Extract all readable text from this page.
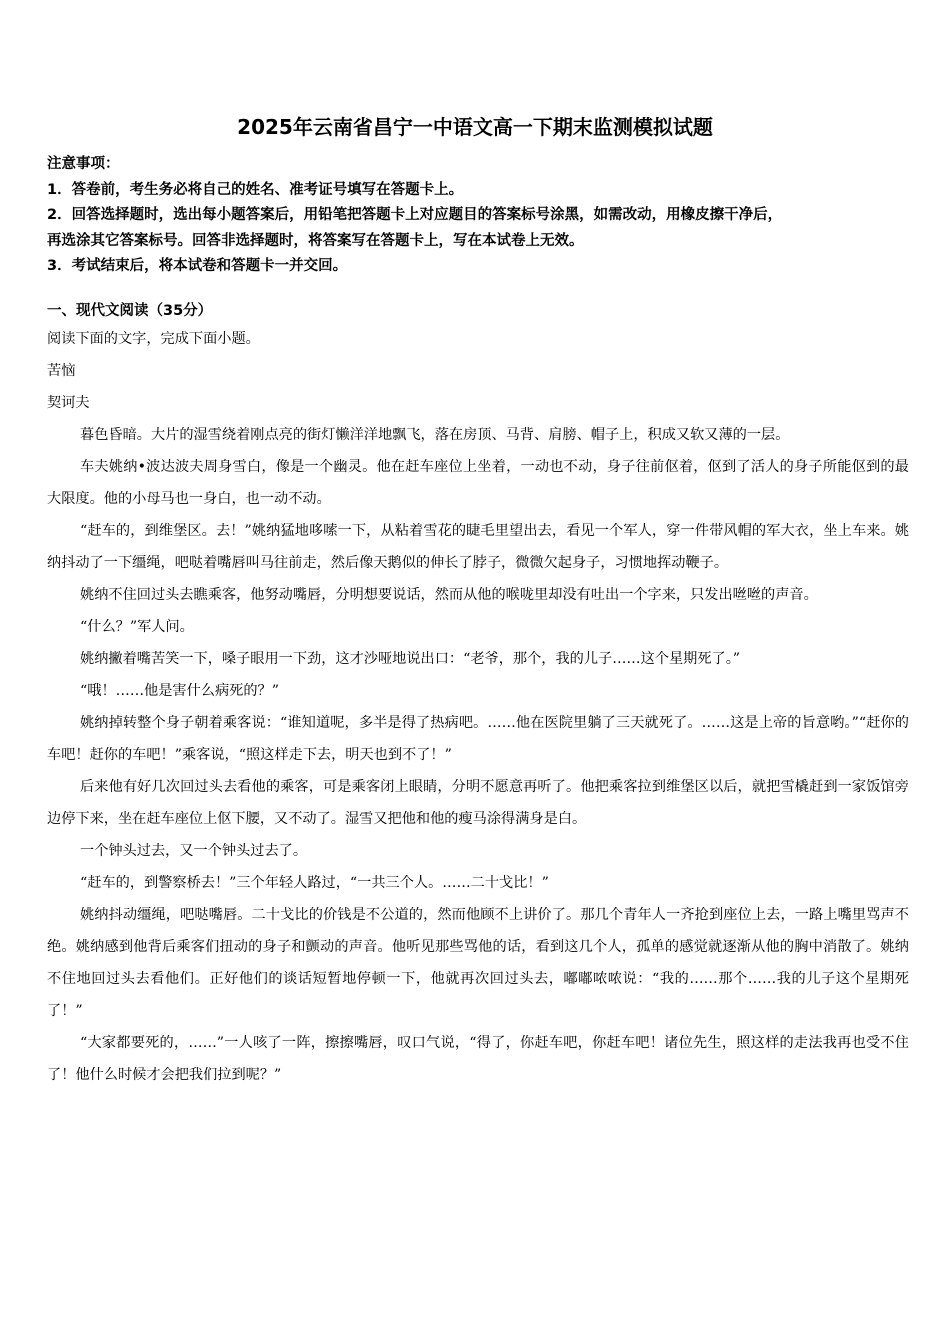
2025年云南省昌宁一中语文高一下期末监测模拟试题
注意事项：
1．答卷前，考生务必将自己的姓名、准考证号填写在答题卡上。
2．回答选择题时，选出每小题答案后，用铅笔把答题卡上对应题目的答案标号涂黑，如需改动，用橡皮擦干净后，
再选涂其它答案标号。回答非选择题时，将答案写在答题卡上，写在本试卷上无效。
3．考试结束后，将本试卷和答题卡一并交回。
一、现代文阅读（35分）

阅读下面的文字，完成下面小题。

苦恼

契诃夫

暮色昏暗。大片的湿雪绕着刚点亮的街灯懒洋洋地飘飞，落在房顶、马背、肩膀、帽子上，积成又软又薄的一层。

车夫姚纳•波达波夫周身雪白，像是一个幽灵。他在赶车座位上坐着，一动也不动，身子往前伛着，伛到了活人的身子所能伛到的最大限度。他的小母马也一身白，也一动不动。

“赶车的，到维堡区。去！”姚纳猛地哆嗦一下，从粘着雪花的睫毛里望出去，看见一个军人，穿一件带风帽的军大衣，坐上车来。姚纳抖动了一下缰绳，吧哒着嘴唇叫马往前走，然后像天鹅似的伸长了脖子，微微欠起身子，习惯地挥动鞭子。

姚纳不住回过头去瞧乘客，他努动嘴唇，分明想要说话，然而从他的喉咙里却没有吐出一个字来，只发出咝咝的声音。

“什么？”军人问。

姚纳撇着嘴苦笑一下，嗓子眼用一下劲，这才沙哑地说出口：“老爷，那个，我的儿子……这个星期死了。”

“哦！……他是害什么病死的？”

姚纳掉转整个身子朝着乘客说：“谁知道呢，多半是得了热病吧。……他在医院里躺了三天就死了。……这是上帝的旨意哟。”“赶你的车吧！赶你的车吧！”乘客说，“照这样走下去，明天也到不了！”

后来他有好几次回过头去看他的乘客，可是乘客闭上眼睛，分明不愿意再听了。他把乘客拉到维堡区以后，就把雪橇赶到一家饭馆旁边停下来，坐在赶车座位上伛下腰，又不动了。湿雪又把他和他的瘦马涂得满身是白。

一个钟头过去，又一个钟头过去了。

“赶车的，到警察桥去！”三个年轻人路过，“一共三个人。……二十戈比！”

姚纳抖动缰绳，吧哒嘴唇。二十戈比的价钱是不公道的，然而他顾不上讲价了。那几个青年人一齐抢到座位上去，一路上嘴里骂声不绝。姚纳感到他背后乘客们扭动的身子和颤动的声音。他听见那些骂他的话，看到这几个人，孤单的感觉就逐渐从他的胸中消散了。姚纳不住地回过头去看他们。正好他们的谈话短暂地停顿一下，他就再次回过头去，嘟嘟哝哝说：“我的……那个……我的儿子这个星期死了！”

“大家都要死的，……”一人咳了一阵，擦擦嘴唇，叹口气说，“得了，你赶车吧，你赶车吧！诸位先生，照这样的走法我再也受不住了！他什么时候才会把我们拉到呢？”
